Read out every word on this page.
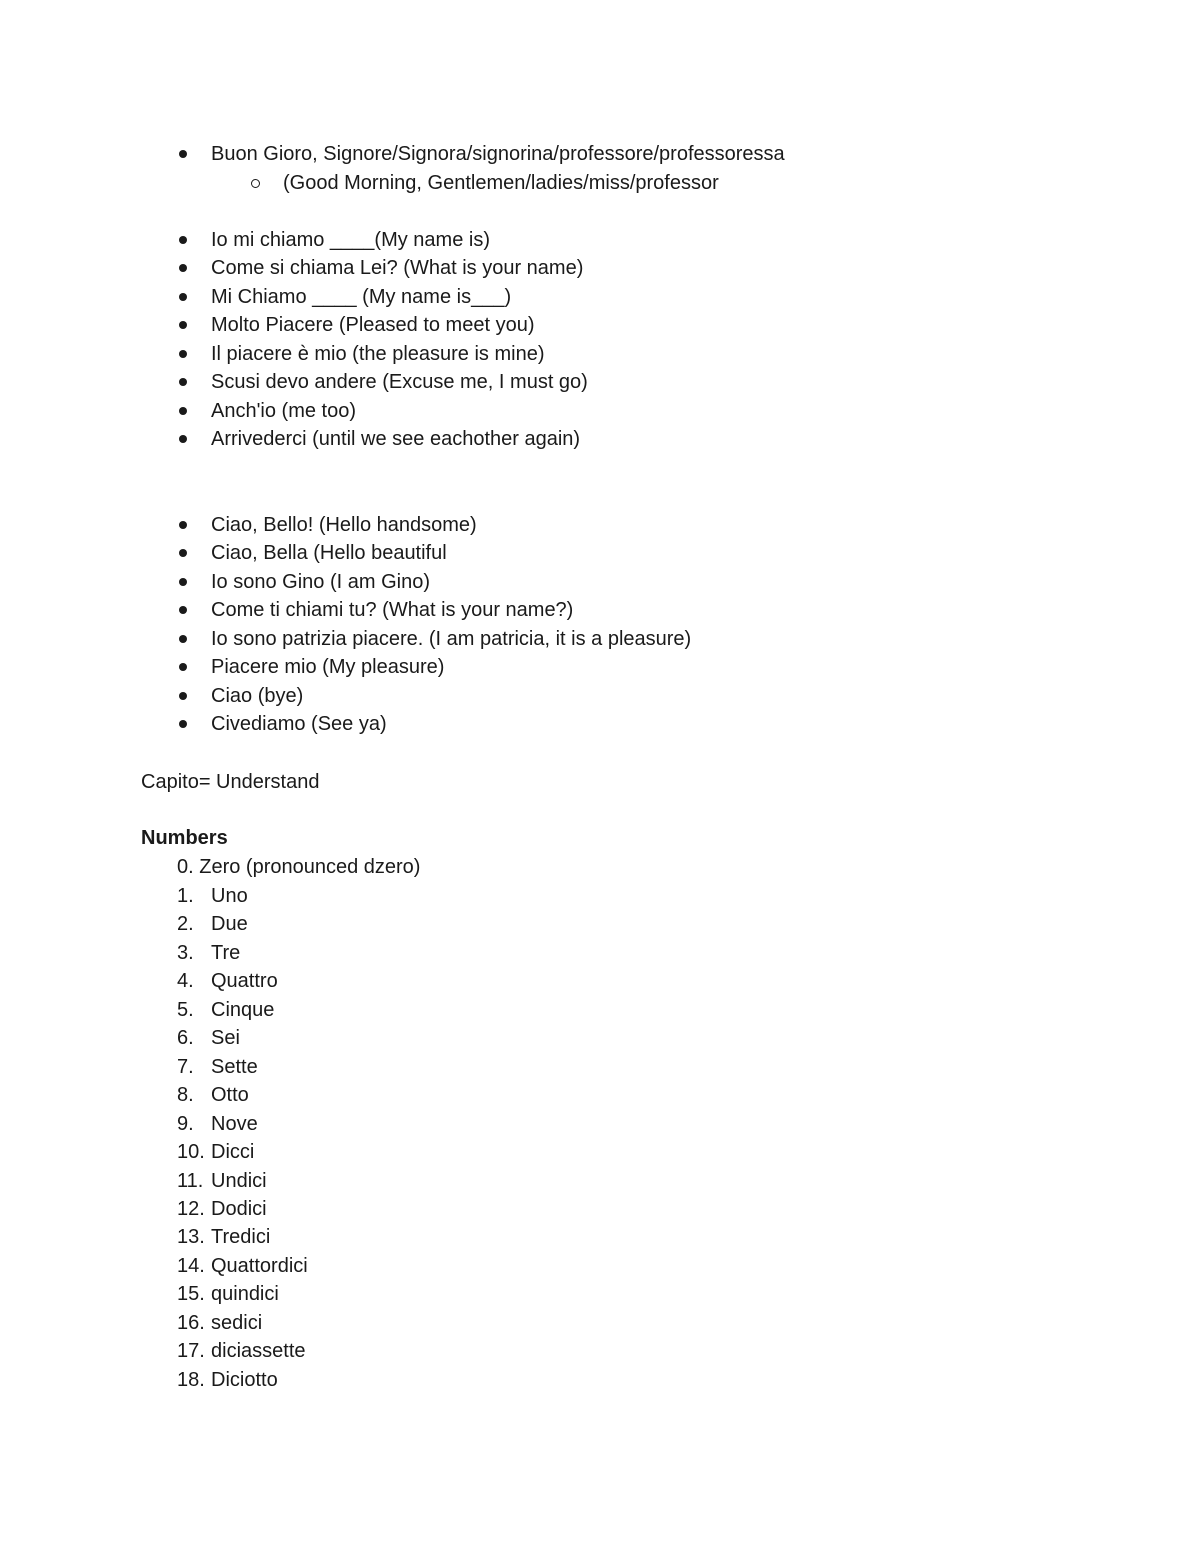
Buon Gioro, Signore/Signora/signorina/professore/professoressa
(Good Morning, Gentlemen/ladies/miss/professor
Io mi chiamo ____(My name is)
Come si chiama Lei? (What is your name)
Mi Chiamo ____ (My name is___)
Molto Piacere (Pleased to meet you)
Il piacere è mio (the pleasure is mine)
Scusi devo andere (Excuse me, I must go)
Anch'io (me too)
Arrivederci (until we see eachother again)
Ciao, Bello! (Hello handsome)
Ciao, Bella (Hello beautiful
Io sono Gino (I am Gino)
Come ti chiami tu? (What is your name?)
Io sono patrizia piacere. (I am patricia, it is a pleasure)
Piacere mio (My pleasure)
Ciao (bye)
Civediamo (See ya)
Capito= Understand
Numbers
0. Zero (pronounced dzero)
1. Uno
2. Due
3. Tre
4. Quattro
5. Cinque
6. Sei
7. Sette
8. Otto
9. Nove
10. Dicci
11. Undici
12. Dodici
13. Tredici
14. Quattordici
15. quindici
16. sedici
17. diciassette
18. Diciotto
